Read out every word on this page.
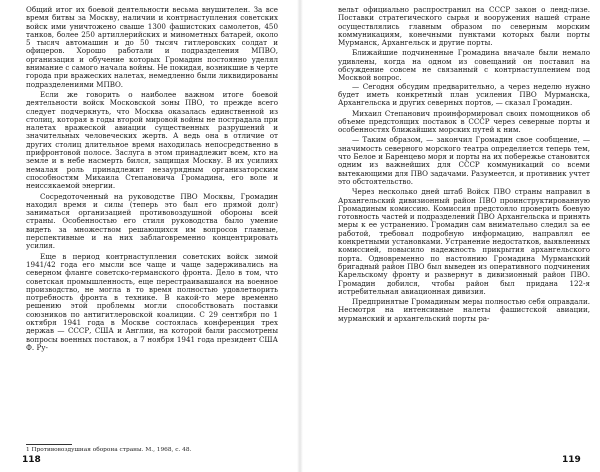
Общий итог их боевой деятельности весьма внушителен. За все время битвы за Москву, наличии и контрнаступления советских войск ими уничтожено свыше 1300 фашистских самолетов, 450 танков, более 250 артиллерийских и минометных батарей, около 5 тысяч автомашин и до 50 тысяч гитлеровских солдат и офицеров. Хорошо работали и подразделения МПВО, организация и обучение которых Громадин постоянно уделял внимание с самого начала войны. Не покидая, возникшие в черте города при вражеских налетах, немедленно были ликвидированы подразделениями МПВО.

Если же говорить о наиболее важном итоге боевой деятельности войск Московской зоны ПВО, то прежде всего следует подчеркнуть, что Москва оказалась единственной из столиц, которая в годы второй мировой войны не пострадала при налетах вражеской авиации существенных разрушений и значительных человеческих жертв. А ведь она в отличие от других столиц длительное время находилась непосредственно в прифронтовой полосе. Заслуга в этом принадлежит всем, кто на земле и в небе насмерть бился, защищая Москву. В их усилиях немалая роль принадлежит незаурядным организаторским способностям Михаила Степановича Громадина, его воле и неиссякаемой энергии.

Сосредоточенный на руководстве ПВО Москвы, Громадин находил время и силы (теперь это был его прямой долг) заниматься организацией противовоздушной обороны всей страны. Особенностью его стиля руководства было умение видеть за множеством решающихся им вопросов главные, перспективные и на них заблаговременно концентрировать усилия.

Еще в период контрнаступления советских войск зимой 1941/42 года его мысли все чаще и чаще задерживались на северном фланге советско-германского фронта. Дело в том, что советская промышленность, еще перестраивавшаяся на военное производство, не могла в то время полностью удовлетворить потребность фронта в технике. В какой-то мере временно решению этой проблемы могли способствовать поставки союзников по антигитлеровской коалиции. С 29 сентября по 1 октября 1941 года в Москве состоялась конференция трех держав — СССР, США и Англии, на которой были рассмотрены вопросы военных поставок, а 7 ноября 1941 года президент США Ф. Ру-

1 Противовоздушная оборона страны. М., 1968, с. 48.
118

вельт официально распространил на СССР закон о ленд-лизе. Поставки стратегического сырья и вооружения нашей стране осуществлялись главным образом по северным морским коммуникациям, конечными пунктами которых были порты Мурманск, Архангельск и другие порты.

Ближайшие подчиненные Громадина вначале были немало удивлены, когда на одном из совещаний он поставил на обсуждение совсем не связанный с контрнаступлением под Москвой вопрос.

— Сегодня обсудим предварительно, а через неделю нужно будет иметь конкретный план усиления ПВО Мурманска, Архангельска и других северных портов, — сказал Громадин.

Михаил Степанович проинформировал своих помощников об объеме предстоящих поставок в СССР через северные порты и особенностях ближайших морских путей к ним.

— Таким образом, — закончил Громадин свое сообщение, — значимость северного морского театра определяется теперь тем, что Белое и Баренцево моря и порты на их побережье становятся одним из важнейших для СССР коммуникаций со всеми вытекающими для ПВО задачами. Разумеется, и противник учтет это обстоятельство.

Через несколько дней штаб Войск ПВО страны направил в Архангельский дивизионный район ПВО проинструктированную Громадиным комиссию. Комиссия предстояло проверить боевую готовность частей и подразделений ПВО Архангельска и принять меры к ее устранению. Громадин сам внимательно следил за ее работой, требовал подробную информацию, направлял ее конкретными установками. Устранение недостатков, выявленных комиссией, повысило надежность прикрытия архангельского порта. Одновременно по настоянию Громадина Мурманский бригадный район ПВО был выведен из оперативного подчинения Карельскому фронту и развернут в дивизионный район ПВО. Громадин добился, чтобы район был придана 122-я истребительная авиационная дивизия.

Предпринятые Громадиным меры полностью себя оправдали. Несмотря на интенсивные налеты фашистской авиации, мурманский и архангельский порты ра-

119
